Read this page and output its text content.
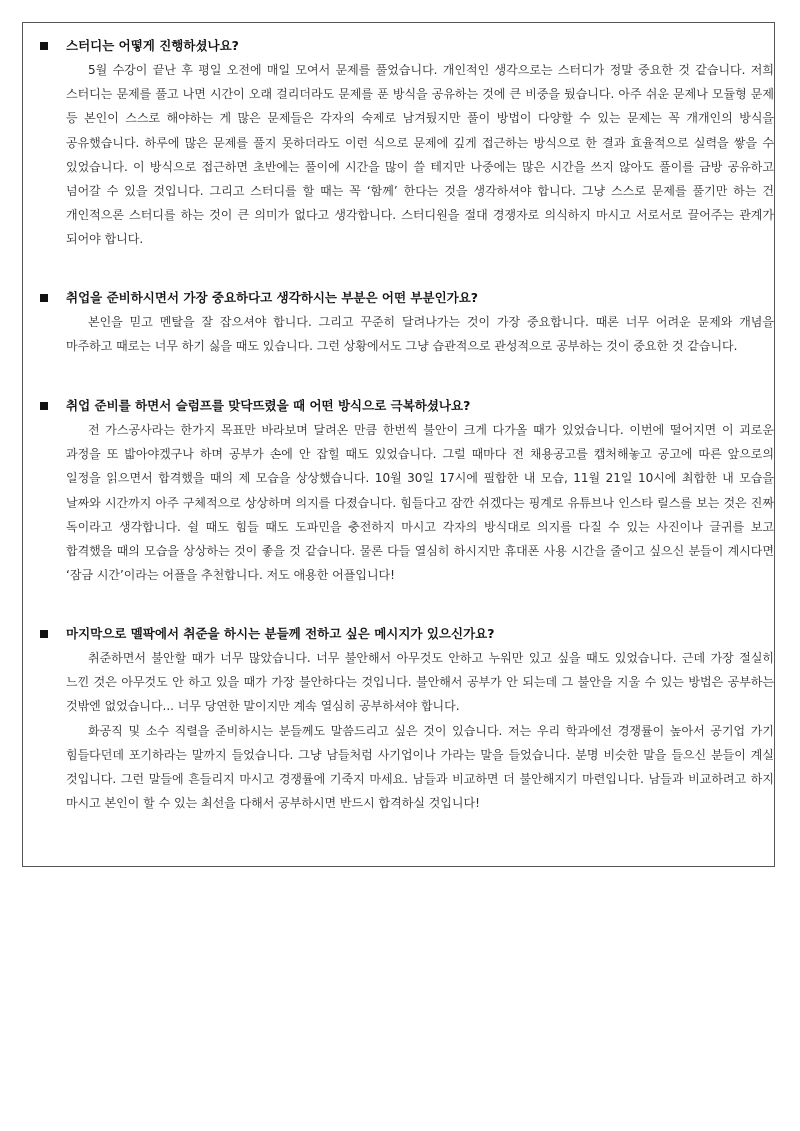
스터디는 어떻게 진행하셨나요?

5월 수강이 끝난 후 평일 오전에 매일 모여서 문제를 풀었습니다. 개인적인 생각으로는 스터디가 정말 중요한 것 같습니다. 저희 스터디는 문제를 풀고 나면 시간이 오래 걸리더라도 문제를 푼 방식을 공유하는 것에 큰 비중을 뒀습니다. 아주 쉬운 문제나 모듈형 문제 등 본인이 스스로 해야하는 게 많은 문제들은 각자의 숙제로 남겨뒀지만 풀이 방법이 다양할 수 있는 문제는 꼭 개개인의 방식을 공유했습니다. 하루에 많은 문제를 풀지 못하더라도 이런 식으로 문제에 깊게 접근하는 방식으로 한 결과 효율적으로 실력을 쌓을 수 있었습니다. 이 방식으로 접근하면 초반에는 풀이에 시간을 많이 쓸 테지만 나중에는 많은 시간을 쓰지 않아도 풀이를 금방 공유하고 넘어갈 수 있을 것입니다. 그리고 스터디를 할 때는 꼭 ‘함께’ 한다는 것을 생각하셔야 합니다. 그냥 스스로 문제를 풀기만 하는 건 개인적으론 스터디를 하는 것이 큰 의미가 없다고 생각합니다. 스터디원을 절대 경쟁자로 의식하지 마시고 서로서로 끌어주는 관계가 되어야 합니다.

취업을 준비하시면서 가장 중요하다고 생각하시는 부분은 어떤 부분인가요?

본인을 믿고 멘탈을 잘 잡으셔야 합니다. 그리고 꾸준히 달려나가는 것이 가장 중요합니다. 때론 너무 어려운 문제와 개념을 마주하고 때로는 너무 하기 싫을 때도 있습니다. 그런 상황에서도 그냥 습관적으로 관성적으로 공부하는 것이 중요한 것 같습니다.

취업 준비를 하면서 슬럼프를 맞닥뜨렸을 때 어떤 방식으로 극복하셨나요?

전 가스공사라는 한가지 목표만 바라보며 달려온 만큼 한번씩 불안이 크게 다가올 때가 있었습니다. 이번에 떨어지면 이 괴로운 과정을 또 밟아야겠구나 하며 공부가 손에 안 잡힐 때도 있었습니다. 그럴 때마다 전 채용공고를 캡처해놓고 공고에 따른 앞으로의 일정을 읽으면서 합격했을 때의 제 모습을 상상했습니다. 10월 30일 17시에 필합한 내 모습, 11월 21일 10시에 최합한 내 모습을 날짜와 시간까지 아주 구체적으로 상상하며 의지를 다졌습니다. 힘들다고 잠깐 쉬겠다는 핑계로 유튜브나 인스타 릴스를 보는 것은 진짜 독이라고 생각합니다. 쉴 때도 힘들 때도 도파민을 충전하지 마시고 각자의 방식대로 의지를 다질 수 있는 사진이나 글귀를 보고 합격했을 때의 모습을 상상하는 것이 좋을 것 같습니다. 물론 다들 열심히 하시지만 휴대폰 사용 시간을 줄이고 싶으신 분들이 계시다면 ‘잠금 시간’이라는 어플을 추천합니다. 저도 애용한 어플입니다!

마지막으로 멜팍에서 취준을 하시는 분들께 전하고 싶은 메시지가 있으신가요?

취준하면서 불안할 때가 너무 많았습니다. 너무 불안해서 아무것도 안하고 누워만 있고 싶을 때도 있었습니다. 근데 가장 절실히 느낀 것은 아무것도 안 하고 있을 때가 가장 불안하다는 것입니다. 불안해서 공부가 안 되는데 그 불안을 지울 수 있는 방법은 공부하는 것밖엔 없었습니다... 너무 당연한 말이지만 계속 열심히 공부하셔야 합니다.

화공직 및 소수 직렬을 준비하시는 분들께도 말씀드리고 싶은 것이 있습니다. 저는 우리 학과에선 경쟁률이 높아서 공기업 가기 힘들다던데 포기하라는 말까지 들었습니다. 그냥 남들처럼 사기업이나 가라는 말을 들었습니다. 분명 비슷한 말을 들으신 분들이 계실 것입니다. 그런 말들에 흔들리지 마시고 경쟁률에 기죽지 마세요. 남들과 비교하면 더 불안해지기 마련입니다. 남들과 비교하려고 하지 마시고 본인이 할 수 있는 최선을 다해서 공부하시면 반드시 합격하실 것입니다!
